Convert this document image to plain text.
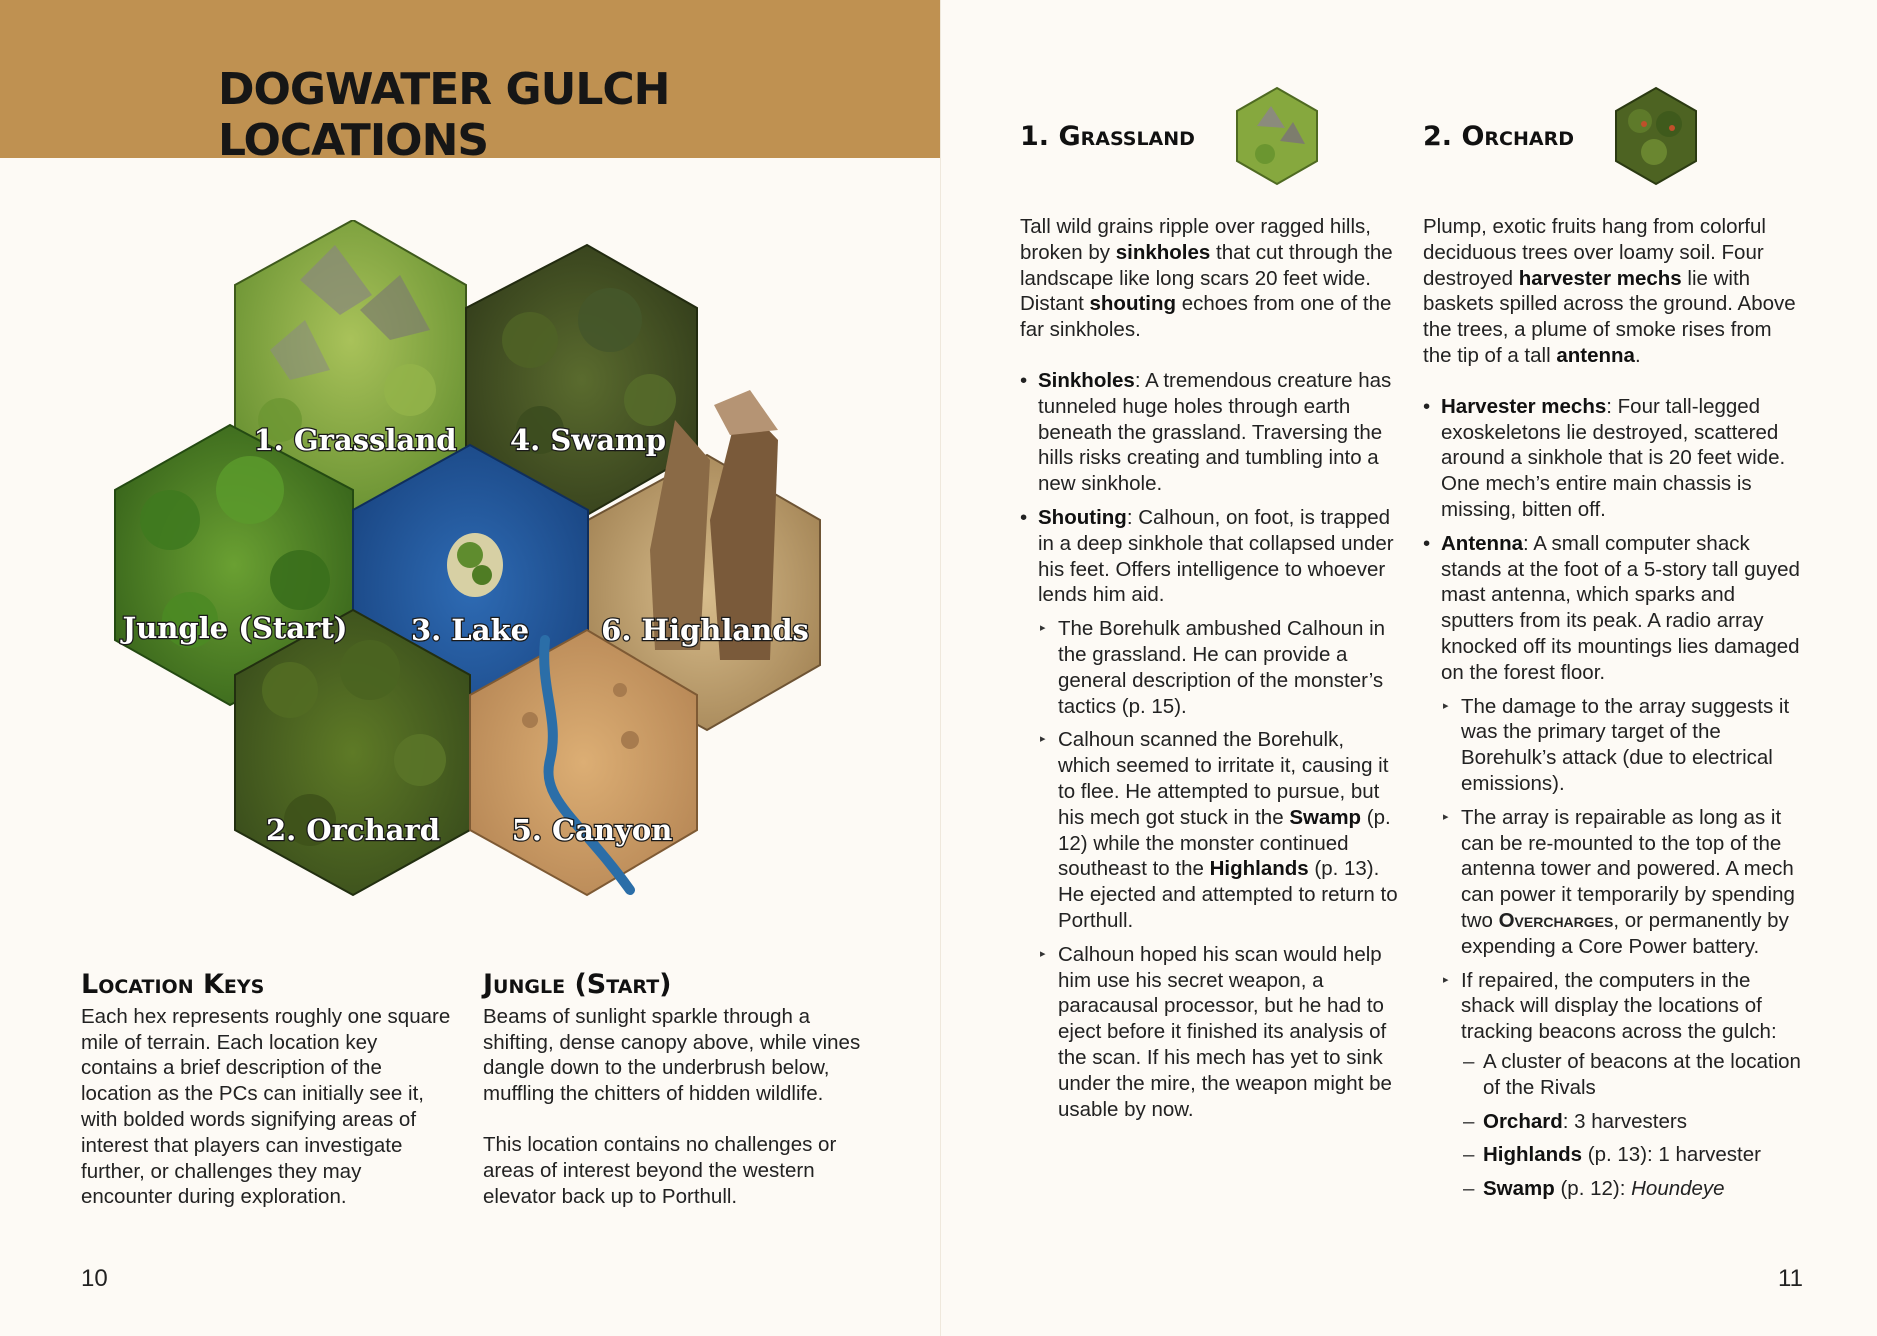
DOGWATER GULCH LOCATIONS
1. Grassland 4. Swamp
Jungle (Start) 3. Lake 6. Highlands
2. Orchard 5. Canyon
Location Keys

Each hex represents roughly one square mile of terrain. Each location key contains a brief description of the location as the PCs can initially see it, with bolded words signifying areas of interest that players can investigate further, or challenges they may encounter during exploration.

Jungle (Start)

Beams of sunlight sparkle through a shifting, dense canopy above, while vines dangle down to the underbrush below, muffling the chitters of hidden wildlife.

This location contains no challenges or areas of interest beyond the western elevator back up to Porthull.

10
1. Grassland

Tall wild grains ripple over ragged hills, broken by sinkholes that cut through the landscape like long scars 20 feet wide. Distant shouting echoes from one of the far sinkholes.

• Sinkholes: A tremendous creature has tunneled huge holes through earth beneath the grassland. Traversing the hills risks creating and tumbling into a new sinkhole.
• Shouting: Calhoun, on foot, is trapped in a deep sinkhole that collapsed under his feet. Offers intelligence to whoever lends him aid.
▸ The Borehulk ambushed Calhoun in the grassland. He can provide a general description of the monster’s tactics (p. 15).
▸ Calhoun scanned the Borehulk, which seemed to irritate it, causing it to flee. He attempted to pursue, but his mech got stuck in the Swamp (p. 12) while the monster continued southeast to the Highlands (p. 13). He ejected and attempted to return to Porthull.
▸ Calhoun hoped his scan would help him use his secret weapon, a paracausal processor, but he had to eject before it finished its analysis of the scan. If his mech has yet to sink under the mire, the weapon might be usable by now.
2. Orchard

Plump, exotic fruits hang from colorful deciduous trees over loamy soil. Four destroyed harvester mechs lie with baskets spilled across the ground. Above the trees, a plume of smoke rises from the tip of a tall antenna.

• Harvester mechs: Four tall-legged exoskeletons lie destroyed, scattered around a sinkhole that is 20 feet wide. One mech’s entire main chassis is missing, bitten off.
• Antenna: A small computer shack stands at the foot of a 5-story tall guyed mast antenna, which sparks and sputters from its peak. A radio array knocked off its mountings lies damaged on the forest floor.
▸ The damage to the array suggests it was the primary target of the Borehulk’s attack (due to electrical emissions).
▸ The array is repairable as long as it can be re-mounted to the top of the antenna tower and powered. A mech can power it temporarily by spending two Overcharges, or permanently by expending a Core Power battery.
▸ If repaired, the computers in the shack will display the locations of tracking beacons across the gulch:
– A cluster of beacons at the location of the Rivals
– Orchard: 3 harvesters
– Highlands (p. 13): 1 harvester
– Swamp (p. 12): Houndeye
11
